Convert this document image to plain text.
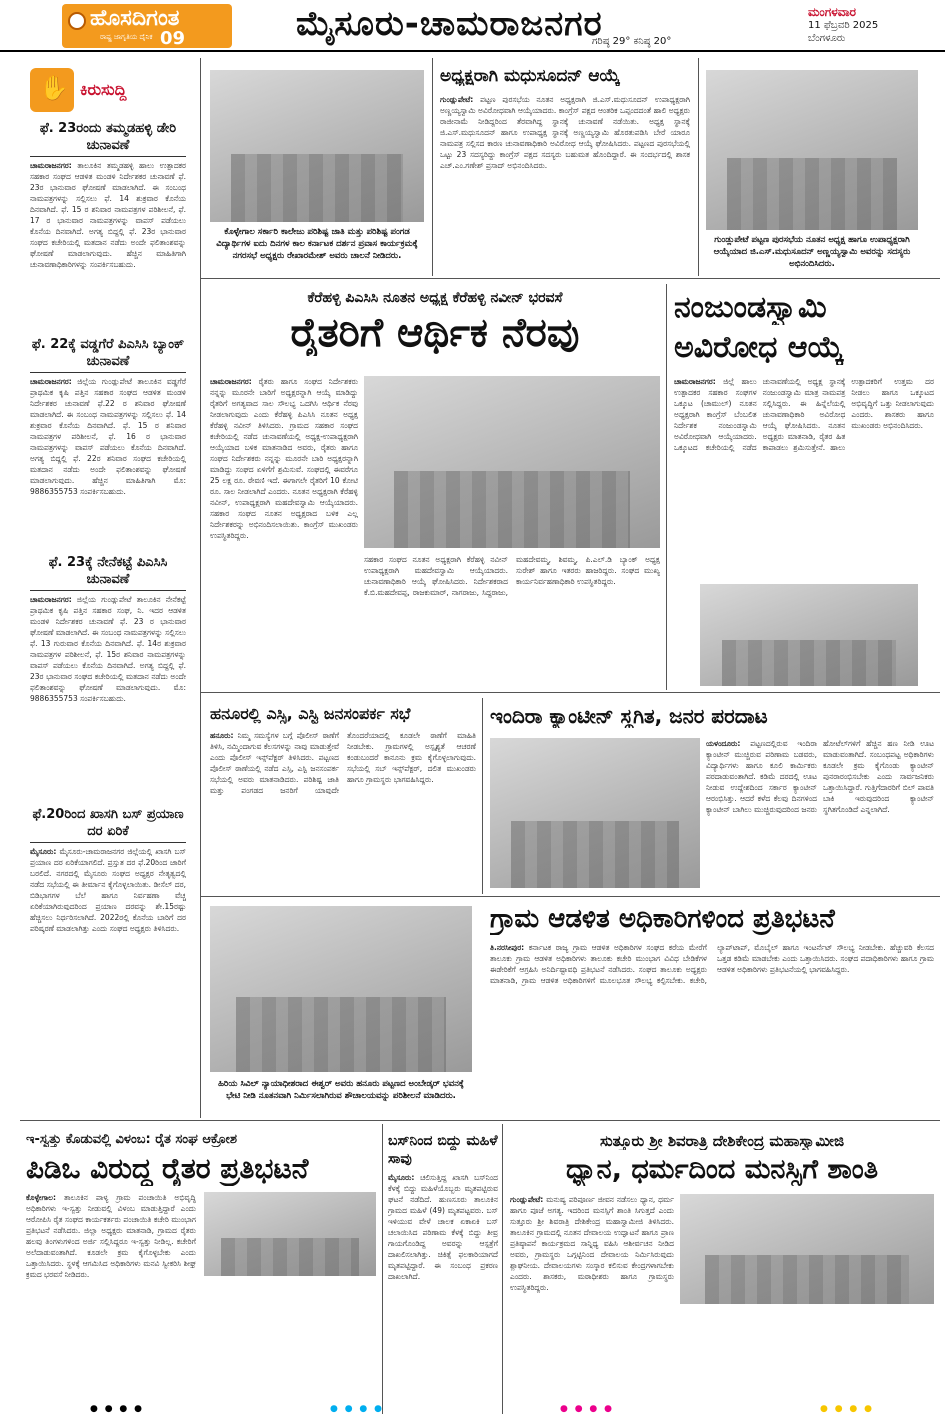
ಹೊಸದಿಗಂತ
ರಾಷ್ಟ್ರ ಜಾಗೃತಿಯ ದೈನಿಕ 09	ಮೈಸೂರು-ಚಾಮರಾಜನಗರ
ಗರಿಷ್ಠ 29° ಕನಿಷ್ಠ 20°
ಮಂಗಳವಾರ
11 ಫೆಬ್ರವರಿ 2025
ಬೆಂಗಳೂರು
✋
ಕಿರುಸುದ್ದಿ
ಫೆ. 23ರಂದು ತಮ್ಮಡಹಳ್ಳಿ ಡೇರಿ ಚುನಾವಣೆ
ಚಾಮರಾಜನಗರ: ತಾಲೂಕಿನ ತಮ್ಮಡಹಳ್ಳಿ ಹಾಲು ಉತ್ಪಾದಕರ ಸಹಕಾರ ಸಂಘದ ಆಡಳಿತ ಮಂಡಳಿ ನಿರ್ದೇಶಕರ ಚುನಾವಣೆ ಫೆ. 23ರ ಭಾನುವಾರ ಘೋಷಣೆ ಮಾಡಲಾಗಿದೆ. ಈ ಸಂಬಂಧ ನಾಮಪತ್ರಗಳನ್ನು ಸಲ್ಲಿಸಲು ಫೆ. 14 ಶುಕ್ರವಾರ ಕೊನೆಯ ದಿನವಾಗಿದೆ. ಫೆ. 15 ರ ಶನಿವಾರ ನಾಮಪತ್ರಗಳ ಪರಿಶೀಲನೆ, ಫೆ. 17 ರ ಭಾನುವಾರ ನಾಮಪತ್ರಗಳನ್ನು ವಾಪಸ್ ಪಡೆಯಲು ಕೊನೆಯ ದಿನವಾಗಿದೆ. ಅಗತ್ಯ ಬಿದ್ದಲ್ಲಿ ಫೆ. 23ರ ಭಾನುವಾರ ಸಂಘದ ಕಚೇರಿಯಲ್ಲಿ ಮತದಾನ ನಡೆದು ಅಂದೇ ಫಲಿತಾಂಶವನ್ನು ಘೋಷಣೆ ಮಾಡಲಾಗುವುದು. ಹೆಚ್ಚಿನ ಮಾಹಿತಿಗಾಗಿ ಚುನಾವಣಾಧಿಕಾರಿಗಳನ್ನು ಸಂಪರ್ಕಿಸಬಹುದು.
ಫೆ. 22ಕ್ಕೆ ವಡ್ಡಗೆರೆ ಪಿಎಸಿಸಿ ಬ್ಯಾಂಕ್ ಚುನಾವಣೆ
ಚಾಮರಾಜನಗರ: ಜಿಲ್ಲೆಯ ಗುಂಡ್ಲುಪೇಟೆ ತಾಲೂಕಿನ ವಡ್ಡಗೆರೆ ಪ್ರಾಥಮಿಕ ಕೃಷಿ ಪತ್ತಿನ ಸಹಕಾರ ಸಂಘದ ಆಡಳಿತ ಮಂಡಳಿ ನಿರ್ದೇಶಕರ ಚುನಾವಣೆ ಫೆ.22 ರ ಶನಿವಾರ ಘೋಷಣೆ ಮಾಡಲಾಗಿದೆ. ಈ ಸಂಬಂಧ ನಾಮಪತ್ರಗಳನ್ನು ಸಲ್ಲಿಸಲು ಫೆ. 14 ಶುಕ್ರವಾರ ಕೊನೆಯ ದಿನವಾಗಿದೆ. ಫೆ. 15 ರ ಶನಿವಾರ ನಾಮಪತ್ರಗಳ ಪರಿಶೀಲನೆ, ಫೆ. 16 ರ ಭಾನುವಾರ ನಾಮಪತ್ರಗಳನ್ನು ವಾಪಸ್ ಪಡೆಯಲು ಕೊನೆಯ ದಿನವಾಗಿದೆ. ಅಗತ್ಯ ಬಿದ್ದಲ್ಲಿ ಫೆ. 22ರ ಶನಿವಾರ ಸಂಘದ ಕಚೇರಿಯಲ್ಲಿ ಮತದಾನ ನಡೆದು ಅಂದೇ ಫಲಿತಾಂಶವನ್ನು ಘೋಷಣೆ ಮಾಡಲಾಗುವುದು. ಹೆಚ್ಚಿನ ಮಾಹಿತಿಗಾಗಿ ಮೊ: 9886355753 ಸಂಪರ್ಕಿಸಬಹುದು.
ಫೆ. 23ಕ್ಕೆ ನೇನೆಕಟ್ಟೆ ಪಿಎಸಿಸಿ ಚುನಾವಣೆ
ಚಾಮರಾಜನಗರ: ಜಿಲ್ಲೆಯ ಗುಂಡ್ಲುಪೇಟೆ ತಾಲೂಕಿನ ನೇನೆಕಟ್ಟೆ ಪ್ರಾಥಮಿಕ ಕೃಷಿ ಪತ್ತಿನ ಸಹಕಾರ ಸಂಘ, ನಿ. ಇದರ ಆಡಳಿತ ಮಂಡಳಿ ನಿರ್ದೇಶಕರ ಚುನಾವಣೆ ಫೆ. 23 ರ ಭಾನುವಾರ ಘೋಷಣೆ ಮಾಡಲಾಗಿದೆ. ಈ ಸಂಬಂಧ ನಾಮಪತ್ರಗಳನ್ನು ಸಲ್ಲಿಸಲು ಫೆ. 13 ಗುರುವಾರ ಕೊನೆಯ ದಿನವಾಗಿದೆ. ಫೆ. 14ರ ಶುಕ್ರವಾರ ನಾಮಪತ್ರಗಳ ಪರಿಶೀಲನೆ, ಫೆ. 15ರ ಶನಿವಾರ ನಾಮಪತ್ರಗಳನ್ನು ವಾಪಸ್ ಪಡೆಯಲು ಕೊನೆಯ ದಿನವಾಗಿದೆ. ಅಗತ್ಯ ಬಿದ್ದಲ್ಲಿ ಫೆ. 23ರ ಭಾನುವಾರ ಸಂಘದ ಕಚೇರಿಯಲ್ಲಿ ಮತದಾನ ನಡೆದು ಅಂದೇ ಫಲಿತಾಂಶವನ್ನು ಘೋಷಣೆ ಮಾಡಲಾಗುವುದು. ಮೊ: 9886355753 ಸಂಪರ್ಕಿಸಬಹುದು.
ಫೆ.20ರಿಂದ ಖಾಸಗಿ ಬಸ್ ಪ್ರಯಾಣ ದರ ಏರಿಕೆ
ಮೈಸೂರು: ಮೈಸೂರು-ಚಾಮರಾಜನಗರ ಜಿಲ್ಲೆಯಲ್ಲಿ ಖಾಸಗಿ ಬಸ್ ಪ್ರಯಾಣ ದರ ಏರಿಕೆಯಾಗಲಿದೆ. ಪ್ರಸ್ತುತ ದರ ಫೆ.20ರಿಂದ ಜಾರಿಗೆ ಬರಲಿದೆ. ನಗರದಲ್ಲಿ ಮೈಸೂರು ಸಂಘದ ಅಧ್ಯಕ್ಷರ ನೇತೃತ್ವದಲ್ಲಿ ನಡೆದ ಸಭೆಯಲ್ಲಿ ಈ ತೀರ್ಮಾನ ಕೈಗೊಳ್ಳಲಾಯಿತು. ಡೀಸೆಲ್ ದರ, ಬಿಡಿಭಾಗಗಳ ಬೆಲೆ ಹಾಗೂ ನಿರ್ವಹಣಾ ವೆಚ್ಚ ಏರಿಕೆಯಾಗಿರುವುದರಿಂದ ಪ್ರಯಾಣ ದರವನ್ನು ಶೇ.15ರಷ್ಟು ಹೆಚ್ಚಿಸಲು ನಿರ್ಧರಿಸಲಾಗಿದೆ. 2022ರಲ್ಲಿ ಕೊನೆಯ ಬಾರಿಗೆ ದರ ಪರಿಷ್ಕರಣೆ ಮಾಡಲಾಗಿತ್ತು ಎಂದು ಸಂಘದ ಅಧ್ಯಕ್ಷರು ತಿಳಿಸಿದರು.
ಕೊಳ್ಳೇಗಾಲ ಸರ್ಕಾರಿ ಕಾಲೇಜು ಪರಿಶಿಷ್ಟ ಜಾತಿ ಮತ್ತು ಪರಿಶಿಷ್ಟ ಪಂಗಡ ವಿದ್ಯಾರ್ಥಿಗಳ ಐದು ದಿನಗಳ ಕಾಲ ಕರ್ನಾಟಕ ದರ್ಶನ ಪ್ರವಾಸ ಕಾರ್ಯಕ್ರಮಕ್ಕೆ ನಗರಸಭೆ ಅಧ್ಯಕ್ಷರು ರೇಖಾರಮೇಶ್ ಅವರು ಚಾಲನೆ ನೀಡಿದರು.
ಅಧ್ಯಕ್ಷರಾಗಿ ಮಧುಸೂದನ್ ಆಯ್ಕೆ
ಗುಂಡ್ಲುಪೇಟೆ: ಪಟ್ಟಣ ಪುರಸಭೆಯ ನೂತನ ಅಧ್ಯಕ್ಷರಾಗಿ ಜಿ.ಎಸ್.ಮಧುಸೂದನ್ ಉಪಾಧ್ಯಕ್ಷರಾಗಿ ಅಣ್ಣಯ್ಯಸ್ವಾಮಿ ಅವಿರೋಧವಾಗಿ ಆಯ್ಕೆಯಾದರು. ಕಾಂಗ್ರೆಸ್ ಪಕ್ಷದ ಆಂತರಿಕ ಒಪ್ಪಂದದಂತೆ ಹಾಲಿ ಅಧ್ಯಕ್ಷರು ರಾಜೀನಾಮೆ ನೀಡಿದ್ದರಿಂದ ತೆರವಾಗಿದ್ದ ಸ್ಥಾನಕ್ಕೆ ಚುನಾವಣೆ ನಡೆಯಿತು. ಅಧ್ಯಕ್ಷ ಸ್ಥಾನಕ್ಕೆ ಜಿ.ಎಸ್.ಮಧುಸೂದನ್ ಹಾಗೂ ಉಪಾಧ್ಯಕ್ಷ ಸ್ಥಾನಕ್ಕೆ ಅಣ್ಣಯ್ಯಸ್ವಾಮಿ ಹೊರತುಪಡಿಸಿ ಬೇರೆ ಯಾರೂ ನಾಮಪತ್ರ ಸಲ್ಲಿಸದ ಕಾರಣ ಚುನಾವಣಾಧಿಕಾರಿ ಅವಿರೋಧ ಆಯ್ಕೆ ಘೋಷಿಸಿದರು. ಪಟ್ಟಣದ ಪುರಸಭೆಯಲ್ಲಿ ಒಟ್ಟು 23 ಸದಸ್ಯರಿದ್ದು ಕಾಂಗ್ರೆಸ್ ಪಕ್ಷದ ಸದಸ್ಯರು ಬಹುಮತ ಹೊಂದಿದ್ದಾರೆ. ಈ ಸಂದರ್ಭದಲ್ಲಿ ಶಾಸಕ ಎಚ್.ಎಂ.ಗಣೇಶ್ ಪ್ರಸಾದ್ ಅಭಿನಂದಿಸಿದರು.
ಗುಂಡ್ಲುಪೇಟೆ ಪಟ್ಟಣ ಪುರಸಭೆಯ ನೂತನ ಅಧ್ಯಕ್ಷ ಹಾಗೂ ಉಪಾಧ್ಯಕ್ಷರಾಗಿ ಆಯ್ಕೆಯಾದ ಜಿ.ಎಸ್.ಮಧುಸೂದನ್ ಅಣ್ಣಯ್ಯಸ್ವಾಮಿ ಅವರನ್ನು ಸದಸ್ಯರು ಅಭಿನಂದಿಸಿದರು.
ಕೆರೆಹಳ್ಳಿ ಪಿಎಸಿಸಿ ನೂತನ ಅಧ್ಯಕ್ಷ ಕೆರೆಹಳ್ಳಿ ನವೀನ್ ಭರವಸೆ
ರೈತರಿಗೆ ಆರ್ಥಿಕ ನೆರವು
ಚಾಮರಾಜನಗರ: ರೈತರು ಹಾಗೂ ಸಂಘದ ನಿರ್ದೇಶಕರು ನನ್ನನ್ನು ಮೂರನೇ ಬಾರಿಗೆ ಅಧ್ಯಕ್ಷರನ್ನಾಗಿ ಆಯ್ಕೆ ಮಾಡಿದ್ದು ರೈತರಿಗೆ ಅಗತ್ಯವಾದ ಸಾಲ ಸೌಲಭ್ಯ ಒದಗಿಸಿ ಆರ್ಥಿಕ ನೆರವು ನೀಡಲಾಗುವುದು ಎಂದು ಕೆರೆಹಳ್ಳಿ ಪಿಎಸಿಸಿ ನೂತನ ಅಧ್ಯಕ್ಷ ಕೆರೆಹಳ್ಳಿ ನವೀನ್ ತಿಳಿಸಿದರು. ಗ್ರಾಮದ ಸಹಕಾರ ಸಂಘದ ಕಚೇರಿಯಲ್ಲಿ ನಡೆದ ಚುನಾವಣೆಯಲ್ಲಿ ಅಧ್ಯಕ್ಷ-ಉಪಾಧ್ಯಕ್ಷರಾಗಿ ಆಯ್ಕೆಯಾದ ಬಳಿಕ ಮಾತನಾಡಿದ ಅವರು, ರೈತರು ಹಾಗೂ ಸಂಘದ ನಿರ್ದೇಶಕರು ನನ್ನನ್ನು ಮೂರನೇ ಬಾರಿ ಅಧ್ಯಕ್ಷರನ್ನಾಗಿ ಮಾಡಿದ್ದು ಸಂಘದ ಏಳಿಗೆಗೆ ಶ್ರಮಿಸುವೆ. ಸಂಘದಲ್ಲಿ ಈವರೆಗೂ 25 ಲಕ್ಷ ರೂ. ಠೇವಣಿ ಇದೆ. ಈಗಾಗಲೇ ರೈತರಿಗೆ 10 ಕೋಟಿ ರೂ. ಸಾಲ ನೀಡಲಾಗಿದೆ ಎಂದರು. ನೂತನ ಅಧ್ಯಕ್ಷರಾಗಿ ಕೆರೆಹಳ್ಳಿ ನವೀನ್, ಉಪಾಧ್ಯಕ್ಷರಾಗಿ ಮಹದೇವಸ್ವಾಮಿ ಆಯ್ಕೆಯಾದರು. ಸಹಕಾರ ಸಂಘದ ನೂತನ ಅಧ್ಯಕ್ಷರಾದ ಬಳಿಕ ಎಲ್ಲ ನಿರ್ದೇಶಕರನ್ನು ಅಭಿನಂದಿಸಲಾಯಿತು. ಕಾಂಗ್ರೆಸ್ ಮುಖಂಡರು ಉಪಸ್ಥಿತರಿದ್ದರು.
ಸಹಕಾರ ಸಂಘದ ನೂತನ ಅಧ್ಯಕ್ಷರಾಗಿ ಕೆರೆಹಳ್ಳಿ ನವೀನ್ ಉಪಾಧ್ಯಕ್ಷರಾಗಿ ಮಹದೇವಸ್ವಾಮಿ ಆಯ್ಕೆಯಾದರು. ಚುನಾವಣಾಧಿಕಾರಿ ಆಯ್ಕೆ ಘೋಷಿಸಿದರು. ನಿರ್ದೇಶಕರಾದ ಕೆ.ಬಿ.ಮಹದೇವಪ್ಪ, ರಾಜಕುಮಾರ್, ನಾಗರಾಜು, ಸಿದ್ದರಾಜು, ಮಹದೇವಮ್ಮ, ಶಿವಮ್ಮ, ಪಿ.ಎಲ್.ಡಿ ಬ್ಯಾಂಕ್ ಅಧ್ಯಕ್ಷ ಸುರೇಶ್ ಹಾಗೂ ಇತರರು ಹಾಜರಿದ್ದರು. ಸಂಘದ ಮುಖ್ಯ ಕಾರ್ಯನಿರ್ವಹಣಾಧಿಕಾರಿ ಉಪಸ್ಥಿತರಿದ್ದರು.
ನಂಜುಂಡಸ್ವಾಮಿ
ಅವಿರೋಧ ಆಯ್ಕೆ
ಚಾಮರಾಜನಗರ: ಜಿಲ್ಲೆ ಹಾಲು ಉತ್ಪಾದಕರ ಸಹಕಾರ ಸಂಘಗಳ ಒಕ್ಕೂಟ (ಚಾಮುಲ್) ನೂತನ ಅಧ್ಯಕ್ಷರಾಗಿ ಕಾಂಗ್ರೆಸ್ ಬೆಂಬಲಿತ ನಿರ್ದೇಶಕ ನಂಜುಂಡಸ್ವಾಮಿ ಅವಿರೋಧವಾಗಿ ಆಯ್ಕೆಯಾದರು. ಒಕ್ಕೂಟದ ಕಚೇರಿಯಲ್ಲಿ ನಡೆದ ಚುನಾವಣೆಯಲ್ಲಿ ಅಧ್ಯಕ್ಷ ಸ್ಥಾನಕ್ಕೆ ನಂಜುಂಡಸ್ವಾಮಿ ಮಾತ್ರ ನಾಮಪತ್ರ ಸಲ್ಲಿಸಿದ್ದರು. ಈ ಹಿನ್ನೆಲೆಯಲ್ಲಿ ಚುನಾವಣಾಧಿಕಾರಿ ಅವಿರೋಧ ಆಯ್ಕೆ ಘೋಷಿಸಿದರು. ನೂತನ ಅಧ್ಯಕ್ಷರು ಮಾತನಾಡಿ, ರೈತರ ಹಿತ ಕಾಪಾಡಲು ಶ್ರಮಿಸುತ್ತೇನೆ. ಹಾಲು ಉತ್ಪಾದಕರಿಗೆ ಉತ್ತಮ ದರ ನೀಡಲು ಹಾಗೂ ಒಕ್ಕೂಟದ ಅಭಿವೃದ್ಧಿಗೆ ಒತ್ತು ನೀಡಲಾಗುವುದು ಎಂದರು. ಶಾಸಕರು ಹಾಗೂ ಮುಖಂಡರು ಅಭಿನಂದಿಸಿದರು.
ಹನೂರಲ್ಲಿ ಎಸ್ಸಿ, ಎಸ್ಟಿ ಜನಸಂಪರ್ಕ ಸಭೆ
ಹನೂರು: ನಿಮ್ಮ ಸಮಸ್ಯೆಗಳ ಬಗ್ಗೆ ಪೊಲೀಸ್ ಠಾಣೆಗೆ ತಿಳಿಸಿ, ನಮ್ಮಿಂದಾಗುವ ಕೆಲಸಗಳನ್ನು ನಾವು ಮಾಡುತ್ತೇವೆ ಎಂದು ಪೊಲೀಸ್ ಇನ್ಸ್‌ಪೆಕ್ಟರ್ ತಿಳಿಸಿದರು. ಪಟ್ಟಣದ ಪೊಲೀಸ್ ಠಾಣೆಯಲ್ಲಿ ನಡೆದ ಎಸ್ಸಿ, ಎಸ್ಟಿ ಜನಸಂಪರ್ಕ ಸಭೆಯಲ್ಲಿ ಅವರು ಮಾತನಾಡಿದರು. ಪರಿಶಿಷ್ಟ ಜಾತಿ ಮತ್ತು ಪಂಗಡದ ಜನರಿಗೆ ಯಾವುದೇ ತೊಂದರೆಯಾದಲ್ಲಿ ಕೂಡಲೇ ಠಾಣೆಗೆ ಮಾಹಿತಿ ನೀಡಬೇಕು. ಗ್ರಾಮಗಳಲ್ಲಿ ಅಸ್ಪೃಶ್ಯತೆ ಆಚರಣೆ ಕಂಡುಬಂದರೆ ಕಾನೂನು ಕ್ರಮ ಕೈಗೊಳ್ಳಲಾಗುವುದು. ಸಭೆಯಲ್ಲಿ ಸಬ್ ಇನ್ಸ್‌ಪೆಕ್ಟರ್, ದಲಿತ ಮುಖಂಡರು ಹಾಗೂ ಗ್ರಾಮಸ್ಥರು ಭಾಗವಹಿಸಿದ್ದರು.
ಇಂದಿರಾ ಕ್ಯಾಂಟೀನ್ ಸ್ಥಗಿತ, ಜನರ ಪರದಾಟ
ಯಳಂದೂರು: ಪಟ್ಟಣದಲ್ಲಿರುವ ಇಂದಿರಾ ಕ್ಯಾಂಟೀನ್ ಮುಚ್ಚಿರುವ ಪರಿಣಾಮ ಬಡವರು, ವಿದ್ಯಾರ್ಥಿಗಳು ಹಾಗೂ ಕೂಲಿ ಕಾರ್ಮಿಕರು ಪರದಾಡುವಂತಾಗಿದೆ. ಕಡಿಮೆ ದರದಲ್ಲಿ ಊಟ ನೀಡುವ ಉದ್ದೇಶದಿಂದ ಸರ್ಕಾರ ಕ್ಯಾಂಟೀನ್ ಆರಂಭಿಸಿತ್ತು. ಆದರೆ ಕಳೆದ ಕೆಲವು ದಿನಗಳಿಂದ ಕ್ಯಾಂಟೀನ್ ಬಾಗಿಲು ಮುಚ್ಚಿರುವುದರಿಂದ ಜನರು ಹೋಟೆಲ್‌ಗಳಿಗೆ ಹೆಚ್ಚಿನ ಹಣ ನೀಡಿ ಊಟ ಮಾಡುವಂತಾಗಿದೆ. ಸಂಬಂಧಪಟ್ಟ ಅಧಿಕಾರಿಗಳು ಕೂಡಲೇ ಕ್ರಮ ಕೈಗೊಂಡು ಕ್ಯಾಂಟೀನ್ ಪುನರಾರಂಭಿಸಬೇಕು ಎಂದು ಸಾರ್ವಜನಿಕರು ಒತ್ತಾಯಿಸಿದ್ದಾರೆ. ಗುತ್ತಿಗೆದಾರರಿಗೆ ಬಿಲ್ ಪಾವತಿ ಬಾಕಿ ಇರುವುದರಿಂದ ಕ್ಯಾಂಟೀನ್ ಸ್ಥಗಿತಗೊಂಡಿದೆ ಎನ್ನಲಾಗಿದೆ.
ಹಿರಿಯ ಸಿವಿಲ್ ನ್ಯಾಯಾಧೀಶರಾದ ಈಶ್ವರ್ ಅವರು ಹನೂರು ಪಟ್ಟಣದ ಅಂಬೇಡ್ಕರ್ ಭವನಕ್ಕೆ ಭೇಟಿ ನೀಡಿ ನೂತನವಾಗಿ ನಿರ್ಮಿಸಲಾಗಿರುವ ಶೌಚಾಲಯವನ್ನು ಪರಿಶೀಲನೆ ಮಾಡಿದರು.
ಗ್ರಾಮ ಆಡಳಿತ ಅಧಿಕಾರಿಗಳಿಂದ ಪ್ರತಿಭಟನೆ
ತಿ.ನರಸೀಪುರ: ಕರ್ನಾಟಕ ರಾಜ್ಯ ಗ್ರಾಮ ಆಡಳಿತ ಅಧಿಕಾರಿಗಳ ಸಂಘದ ಕರೆಯ ಮೇರೆಗೆ ತಾಲೂಕು ಗ್ರಾಮ ಆಡಳಿತ ಅಧಿಕಾರಿಗಳು ತಾಲೂಕು ಕಚೇರಿ ಮುಂಭಾಗ ವಿವಿಧ ಬೇಡಿಕೆಗಳ ಈಡೇರಿಕೆಗೆ ಆಗ್ರಹಿಸಿ ಅನಿರ್ದಿಷ್ಟಾವಧಿ ಪ್ರತಿಭಟನೆ ನಡೆಸಿದರು. ಸಂಘದ ತಾಲೂಕು ಅಧ್ಯಕ್ಷರು ಮಾತನಾಡಿ, ಗ್ರಾಮ ಆಡಳಿತ ಅಧಿಕಾರಿಗಳಿಗೆ ಮೂಲಭೂತ ಸೌಲಭ್ಯ ಕಲ್ಪಿಸಬೇಕು. ಕಚೇರಿ, ಲ್ಯಾಪ್‌ಟಾಪ್, ಮೊಬೈಲ್ ಹಾಗೂ ಇಂಟರ್ನೆಟ್ ಸೌಲಭ್ಯ ನೀಡಬೇಕು. ಹೆಚ್ಚುವರಿ ಕೆಲಸದ ಒತ್ತಡ ಕಡಿಮೆ ಮಾಡಬೇಕು ಎಂದು ಒತ್ತಾಯಿಸಿದರು. ಸಂಘದ ಪದಾಧಿಕಾರಿಗಳು ಹಾಗೂ ಗ್ರಾಮ ಆಡಳಿತ ಅಧಿಕಾರಿಗಳು ಪ್ರತಿಭಟನೆಯಲ್ಲಿ ಭಾಗವಹಿಸಿದ್ದರು.
ಇ-ಸ್ವತ್ತು ಕೊಡುವಲ್ಲಿ ವಿಳಂಬ: ರೈತ ಸಂಘ ಆಕ್ರೋಶ
ಪಿಡಿಒ ವಿರುದ್ಧ ರೈತರ ಪ್ರತಿಭಟನೆ
ಕೊಳ್ಳೇಗಾಲ: ತಾಲೂಕಿನ ಪಾಳ್ಯ ಗ್ರಾಮ ಪಂಚಾಯಿತಿ ಅಭಿವೃದ್ಧಿ ಅಧಿಕಾರಿಗಳು ಇ-ಸ್ವತ್ತು ನೀಡುವಲ್ಲಿ ವಿಳಂಬ ಮಾಡುತ್ತಿದ್ದಾರೆ ಎಂದು ಆರೋಪಿಸಿ ರೈತ ಸಂಘದ ಕಾರ್ಯಕರ್ತರು ಪಂಚಾಯಿತಿ ಕಚೇರಿ ಮುಂಭಾಗ ಪ್ರತಿಭಟನೆ ನಡೆಸಿದರು. ಜಿಲ್ಲಾ ಅಧ್ಯಕ್ಷರು ಮಾತನಾಡಿ, ಗ್ರಾಮದ ರೈತರು ಹಲವು ತಿಂಗಳುಗಳಿಂದ ಅರ್ಜಿ ಸಲ್ಲಿಸಿದ್ದರೂ ಇ-ಸ್ವತ್ತು ನೀಡಿಲ್ಲ. ಕಚೇರಿಗೆ ಅಲೆದಾಡುವಂತಾಗಿದೆ. ಕೂಡಲೇ ಕ್ರಮ ಕೈಗೊಳ್ಳಬೇಕು ಎಂದು ಒತ್ತಾಯಿಸಿದರು. ಸ್ಥಳಕ್ಕೆ ಆಗಮಿಸಿದ ಅಧಿಕಾರಿಗಳು ಮನವಿ ಸ್ವೀಕರಿಸಿ ಶೀಘ್ರ ಕ್ರಮದ ಭರವಸೆ ನೀಡಿದರು.
ಬಸ್‌ನಿಂದ ಬಿದ್ದು ಮಹಿಳೆ ಸಾವು
ಮೈಸೂರು: ಚಲಿಸುತ್ತಿದ್ದ ಖಾಸಗಿ ಬಸ್‌ನಿಂದ ಕೆಳಕ್ಕೆ ಬಿದ್ದು ಮಹಿಳೆಯೊಬ್ಬರು ಮೃತಪಟ್ಟಿರುವ ಘಟನೆ ನಡೆದಿದೆ. ಹುಣಸೂರು ತಾಲೂಕಿನ ಗ್ರಾಮದ ಮಹಿಳೆ (49) ಮೃತಪಟ್ಟವರು. ಬಸ್ ಇಳಿಯುವ ವೇಳೆ ಚಾಲಕ ಏಕಾಏಕಿ ಬಸ್ ಚಲಾಯಿಸಿದ ಪರಿಣಾಮ ಕೆಳಕ್ಕೆ ಬಿದ್ದು ತೀವ್ರ ಗಾಯಗೊಂಡಿದ್ದ ಅವರನ್ನು ಆಸ್ಪತ್ರೆಗೆ ದಾಖಲಿಸಲಾಗಿತ್ತು. ಚಿಕಿತ್ಸೆ ಫಲಕಾರಿಯಾಗದೆ ಮೃತಪಟ್ಟಿದ್ದಾರೆ. ಈ ಸಂಬಂಧ ಪ್ರಕರಣ ದಾಖಲಾಗಿದೆ.
ಸುತ್ತೂರು ಶ್ರೀ ಶಿವರಾತ್ರಿ ದೇಶಿಕೇಂದ್ರ ಮಹಾಸ್ವಾಮೀಜಿ
ಧ್ಯಾನ, ಧರ್ಮದಿಂದ ಮನಸ್ಸಿಗೆ ಶಾಂತಿ
ಗುಂಡ್ಲುಪೇಟೆ: ಮನುಷ್ಯ ಪರಿಪೂರ್ಣ ಜೀವನ ನಡೆಸಲು ಧ್ಯಾನ, ಧರ್ಮ ಹಾಗೂ ಪೂಜೆ ಅಗತ್ಯ. ಇದರಿಂದ ಮನಸ್ಸಿಗೆ ಶಾಂತಿ ಸಿಗುತ್ತದೆ ಎಂದು ಸುತ್ತೂರು ಶ್ರೀ ಶಿವರಾತ್ರಿ ದೇಶಿಕೇಂದ್ರ ಮಹಾಸ್ವಾಮೀಜಿ ತಿಳಿಸಿದರು. ತಾಲೂಕಿನ ಗ್ರಾಮದಲ್ಲಿ ನೂತನ ದೇವಾಲಯ ಉದ್ಘಾಟನೆ ಹಾಗೂ ಪ್ರಾಣ ಪ್ರತಿಷ್ಠಾಪನೆ ಕಾರ್ಯಕ್ರಮದ ಸಾನ್ನಿಧ್ಯ ವಹಿಸಿ ಆಶೀರ್ವಚನ ನೀಡಿದ ಅವರು, ಗ್ರಾಮಸ್ಥರು ಒಗ್ಗಟ್ಟಿನಿಂದ ದೇವಾಲಯ ನಿರ್ಮಿಸಿರುವುದು ಶ್ಲಾಘನೀಯ. ದೇವಾಲಯಗಳು ಸಂಸ್ಕಾರ ಕಲಿಸುವ ಕೇಂದ್ರಗಳಾಗಬೇಕು ಎಂದರು. ಶಾಸಕರು, ಮಠಾಧೀಶರು ಹಾಗೂ ಗ್ರಾಮಸ್ಥರು ಉಪಸ್ಥಿತರಿದ್ದರು.
● ● ● ●	● ● ● ●	● ● ● ●	● ● ● ●
